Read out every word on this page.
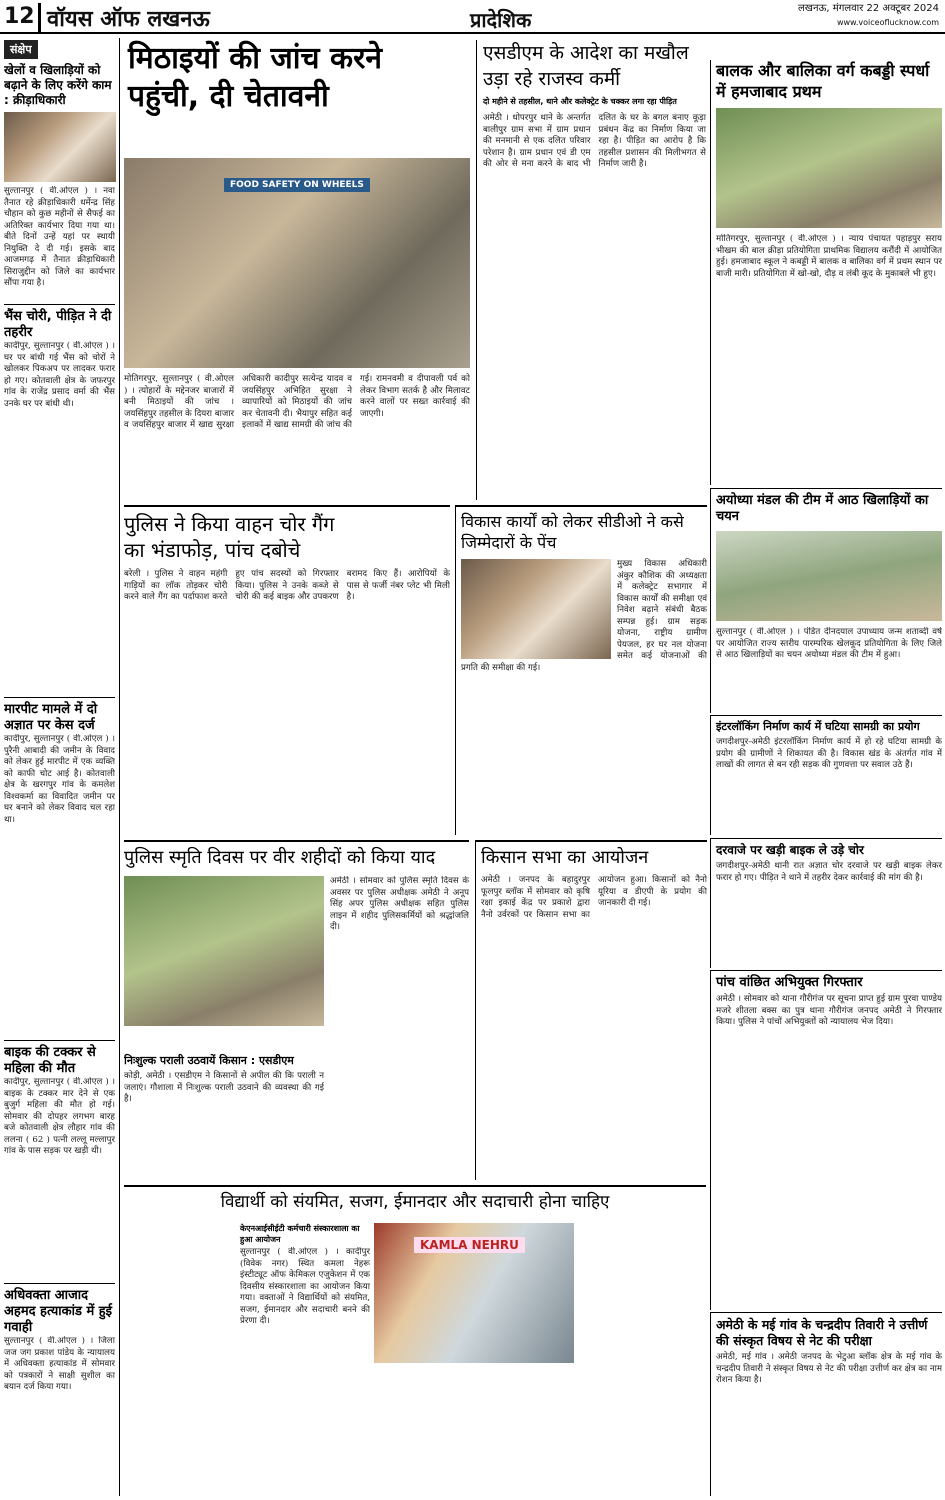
12 वॉयस ऑफ लखनऊ	प्रादेशिक	लखनऊ, मंगलवार 22 अक्टूबर 2024
www.voiceoflucknow.com
संक्षेप
खेलों व खिलाड़ियों को बढ़ाने के लिए करेंगे काम : क्रीड़ाधिकारी
सुल्तानपुर ( वी.ओएल ) । नवा तैनात रहे क्रीड़ाधिकारी धर्मेन्द्र सिंह चौहान को कुछ महीनों से सैफई का अतिरिक्त कार्यभार दिया गया था। बीते दिनों उन्हें यहां पर स्थायी नियुक्ति दे दी गई। इसके बाद आजमगढ़ में तैनात क्रीड़ाधिकारी सिराजुद्दीन को जिले का कार्यभार सौंपा गया है।
भैंस चोरी, पीड़ित ने दी तहरीर
कादीपुर, सुल्तानपुर ( वी.ओएल ) । घर पर बांधी गई भैंस को चोरों ने खोलकर पिकअप पर लादकर फरार हो गए। कोतवाली क्षेत्र के जफरपुर गांव के राजेंद्र प्रसाद वर्मा की भैंस उनके घर पर बांधी थी।
मारपीट मामले में दो अज्ञात पर केस दर्ज
कादीपुर, सुल्तानपुर ( वी.ओएल ) । पुरैनी आबादी की जमीन के विवाद को लेकर हुई मारपीट में एक व्यक्ति को काफी चोट आई है। कोतवाली क्षेत्र के खरगपुर गांव के कमलेश विश्वकर्मा का विवादित जमीन पर घर बनाने को लेकर विवाद चल रहा था।
बाइक की टक्कर से महिला की मौत
कादीपुर, सुल्तानपुर ( वी.ओएल ) । बाइक के टक्कर मार देने से एक बुजुर्ग महिला की मौत हो गई। सोमवार की दोपहर लगभग बारह बजे कोतवाली क्षेत्र लौहार गांव की ललना ( 62 ) पत्नी लल्लू मल्लापुर गांव के पास सड़क पर खड़ी थी।
अधिवक्ता आजाद अहमद हत्याकांड में हुई गवाही
सुल्तानपुर ( वी.ओएल ) । जिला जज जग प्रकाश पांडेय के न्यायालय में अधिवक्ता हत्याकांड में सोमवार को पत्रकारों ने साक्षी सुशील का बयान दर्ज किया गया।
मिठाइयों की जांच करने
पहुंची, दी चेतावनी
FOOD SAFETY ON WHEELS
मोतिगरपुर, सुल्तानपुर ( वी.ओएल ) । त्योहारों के मद्देनजर बाजारों में बनी मिठाइयों की जांच । जयसिंहपुर तहसील के दियरा बाजार व जयसिंहपुर बाजार में खाद्य सुरक्षा अधिकारी कादीपुर सत्येन्द्र यादव व जयसिंहपुर अभिहित सुरक्षा ने व्यापारियों को मिठाइयों की जांच कर चेतावनी दी। भैयापुर सहित कई इलाकों में खाद्य सामग्री की जांच की गई। रामनवमी व दीपावली पर्व को लेकर विभाग सतर्क है और मिलावट करने वालों पर सख्त कार्रवाई की जाएगी।
एसडीएम के आदेश का मखौल उड़ा रहे राजस्व कर्मी
दो महीने से तहसील, थाने और कलेक्ट्रेट के चक्कर लगा रहा पीड़ित
अमेठी । धोपरपुर थाने के अन्तर्गत बालीपुर ग्राम सभा में ग्राम प्रधान की मनमानी से एक दलित परिवार परेशान है। ग्राम प्रधान एवं डी एम की ओर से मना करने के बाद भी दलित के घर के बगल बनाए कूड़ा प्रबंधन केंद्र का निर्माण किया जा रहा है। पीड़ित का आरोप है कि तहसील प्रशासन की मिलीभगत से निर्माण जारी है।
बालक और बालिका वर्ग कबड्डी स्पर्धा में हमजाबाद प्रथम
मोतिगरपुर, सुल्तानपुर ( वी.ओएल ) । न्याय पंचायत पहाड़पुर सराय भीखम की बाल क्रीड़ा प्रतियोगिता प्राथमिक विद्यालय करौंदी में आयोजित हुई। हमजाबाद स्कूल ने कबड्डी में बालक व बालिका वर्ग में प्रथम स्थान पर बाजी मारी। प्रतियोगिता में खो-खो, दौड़ व लंबी कूद के मुकाबले भी हुए।
अयोध्या मंडल की टीम में आठ खिलाड़ियों का चयन
सुल्तानपुर ( वी.ओएल ) । पंडित दीनदयाल उपाध्याय जन्म शताब्दी वर्ष पर आयोजित राज्य स्तरीय पारम्परिक खेलकूद प्रतियोगिता के लिए जिले से आठ खिलाड़ियों का चयन अयोध्या मंडल की टीम में हुआ।
इंटरलॉकिंग निर्माण कार्य में घटिया सामग्री का प्रयोग
जगदीशपुर-अमेठी इंटरलॉकिंग निर्माण कार्य में हो रहे घटिया सामग्री के प्रयोग की ग्रामीणों ने शिकायत की है। विकास खंड के अंतर्गत गांव में लाखों की लागत से बन रही सड़क की गुणवत्ता पर सवाल उठे हैं।
दरवाजे पर खड़ी बाइक ले उड़े चोर
जगदीशपुर-अमेठी थानी रात अज्ञात चोर दरवाजे पर खड़ी बाइक लेकर फरार हो गए। पीड़ित ने थाने में तहरीर देकर कार्रवाई की मांग की है।
पांच वांछित अभियुक्त गिरफ्तार
अमेठी । सोमवार को थाना गौरीगंज पर सूचना प्राप्त हुई ग्राम पुरवा पाण्डेय मजरे शीतला बक्स का पुत्र थाना गौरीगंज जनपद अमेठी ने गिरफ्तार किया। पुलिस ने पांचों अभियुक्तों को न्यायालय भेज दिया।
अमेठी के मई गांव के चन्द्रदीप तिवारी ने उत्तीर्ण की संस्कृत विषय से नेट की परीक्षा
अमेठी, मई गांव । अमेठी जनपद के भेटुआ ब्लॉक क्षेत्र के मई गांव के चन्द्रदीप तिवारी ने संस्कृत विषय से नेट की परीक्षा उत्तीर्ण कर क्षेत्र का नाम रोशन किया है।
पुलिस ने किया वाहन चोर गैंग
का भंडाफोड़, पांच दबोचे
बरेली । पुलिस ने वाहन महंगी गाड़ियों का लॉक तोड़कर चोरी करने वाले गैंग का पर्दाफाश करते हुए पांच सदस्यों को गिरफ्तार किया। पुलिस ने उनके कब्जे से चोरी की कई बाइक और उपकरण बरामद किए हैं। आरोपियों के पास से फर्जी नंबर प्लेट भी मिली है।
विकास कार्यों को लेकर सीडीओ ने कसे जिम्मेदारों के पेंच
मुख्य विकास अधिकारी अंकुर कौशिक की अध्यक्षता में कलेक्ट्रेट सभागार में विकास कार्यों की समीक्षा एवं निवेश बढ़ाने संबंधी बैठक सम्पन्न हुई। ग्राम सड़क योजना, राष्ट्रीय ग्रामीण पेयजल, हर घर नल योजना समेत कई योजनाओं की प्रगति की समीक्षा की गई।
पुलिस स्मृति दिवस पर वीर शहीदों को किया याद
अमेठी । सोमवार को पुलिस स्मृति दिवस के अवसर पर पुलिस अधीक्षक अमेठी ने अनूप सिंह अपर पुलिस अधीक्षक सहित पुलिस लाइन में शहीद पुलिसकर्मियों को श्रद्धांजलि दी।
निःशुल्क पराली उठवायें किसान : एसडीएम
कोड़ी, अमेठी । एसडीएम ने किसानों से अपील की कि पराली न जलाएं। गौशाला में निःशुल्क पराली उठवाने की व्यवस्था की गई है।
किसान सभा का आयोजन
अमेठी । जनपद के बहादुरपुर फूलपुर ब्लॉक में सोमवार को कृषि रक्षा इकाई केंद्र पर प्रकाशे द्वारा नैनो उर्वरकों पर किसान सभा का आयोजन हुआ। किसानों को नैनो यूरिया व डीएपी के प्रयोग की जानकारी दी गई।
विद्यार्थी को संयमित, सजग, ईमानदार और सदाचारी होना चाहिए
केएनआईसीईटी कर्मचारी संस्कारशाला का हुआ आयोजन	KAMLA NEHRU
सुल्तानपुर ( वी.ओएल ) । कादीपुर (विवेक नगर) स्थित कमला नेहरू इंस्टीट्यूट ऑफ केमिकल एजुकेशन में एक दिवसीय संस्कारशाला का आयोजन किया गया। वक्ताओं ने विद्यार्थियों को संयमित, सजग, ईमानदार और सदाचारी बनने की प्रेरणा दी।
